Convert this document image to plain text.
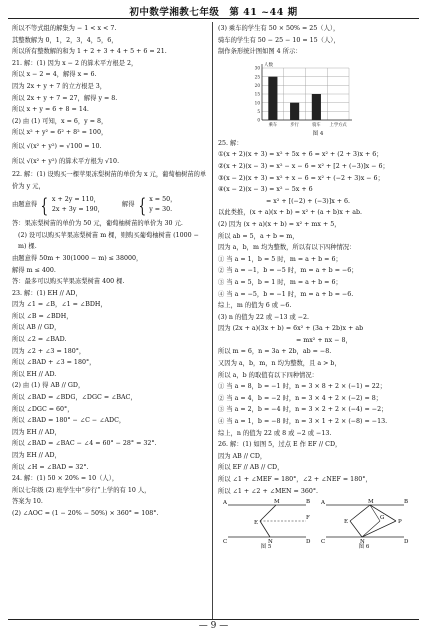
初中数学湘教七年级　第 41 ~44 期
所以不等式组的解集为 − 1 < x < 7.
其整数解为 0，1，2，3，4，5，6，
所以所有整数解的和为 1 + 2 + 3 + 4 + 5 + 6 = 21.
21. 解：(1) 因为 x − 2 的算术平方根是 2，
所以 x − 2 = 4，解得 x = 6.
因为 2x + y + 7 的立方根是 3，
所以 2x + y + 7 = 27，解得 y = 8.
所以 x + y = 6 + 8 = 14.
(2) 由 (1) 可知，x = 6，y = 8，
所以 x² + y² = 6² + 8² = 100，
所以 √(x² + y²) = √100 = 10.
所以 √(x² + y²) 的算术平方根为 √10.
22. 解：(1) 设购买一棵苹果冻梨树苗的单价为 x 元，葡萄柚树苗的单价为 y 元，
由题意得 { x + 2y = 110，
2x + 3y = 190，
解得 { x = 50，
y = 30.
答：果冻梨树苗的单价为 50 元，葡萄柚树苗的单价为 30 元.
(2) 设可以购买苹果冻梨树苗 m 棵，则购买葡萄柚树苗 (1000 − m) 棵.
由题意得 50m + 30(1000 − m) ≤ 38000，
解得 m ≤ 400.
答：最多可以购买苹果冻梨树苗 400 棵.
23. 解：(1) EH // AD，
因为 ∠1 = ∠B，∠1 = ∠BDH，
所以 ∠B = ∠BDH，
所以 AB // GD，
所以 ∠2 = ∠BAD.
因为 ∠2 + ∠3 = 180°，
所以 ∠BAD + ∠3 = 180°，
所以 EH // AD.
(2) 由 (1) 得 AB // GD，
所以 ∠BAD = ∠BDG，∠DGC = ∠BAC，
所以 ∠DGC = 60°，
所以 ∠BAD = 180° − ∠C − ∠ADC，
因为 EH // AD，
所以 ∠BAD = ∠BAC − ∠4 = 60° − 28° = 32°.
因为 EH // AD，
所以 ∠H = ∠BAD = 32°.
24. 解：(1) 50 × 20% = 10（人），
所以七年级 (2) 班学生中“步行”上学的有 10 人，
答案为 10.
(2) ∠AOC = (1 − 20% − 50%) × 360° = 108°.
(3) 乘车的学生有 50 × 50% = 25（人），
骑车的学生有 50 − 25 − 10 = 15（人），
制作条形统计图如图 4 所示：
0
5
10
15
20
25
30
人数
乘车	步行	骑车 上学方式
图 4
25. 解：
①(x + 2)(x + 3) = x² + 5x + 6 = x² + (2 + 3)x + 6；
②(x + 2)(x − 3) = x² − x − 6 = x² + [2 + (−3)]x − 6；
③(x − 2)(x + 3) = x² + x − 6 = x² + (−2 + 3)x − 6；
④(x − 2)(x − 3) = x² − 5x + 6
= x² + [(−2) + (−3)]x + 6.
以此类推，(x + a)(x + b) = x² + (a + b)x + ab.
(2) 因为 (x + a)(x + b) = x² + mx + 5，
所以 ab = 5，a + b = m，
因为 a，b，m 均为整数，所以有以下四种情况：
① 当 a = 1，b = 5 时，m = a + b = 6；
② 当 a = −1，b = −5 时，m = a + b = −6；
③ 当 a = 5，b = 1 时，m = a + b = 6；
④ 当 a = −5，b = −1 时，m = a + b = −6.
综上，m 的值为 6 或 −6.
(3) n 的值为 22 或 −13 或 −2.
因为 (2x + a)(3x + b) = 6x² + (3a + 2b)x + ab
= mx² + nx − 8，
所以 m = 6，n = 3a + 2b，ab = −8.
又因为 a，b，m，n 均为整数，且 a > b，
所以 a，b 的取值有以下四种情况：
① 当 a = 8，b = −1 时，n = 3 × 8 + 2 × (−1) = 22；
② 当 a = 4，b = −2 时，n = 3 × 4 + 2 × (−2) = 8；
③ 当 a = 2，b = −4 时，n = 3 × 2 + 2 × (−4) = −2；
④ 当 a = 1，b = −8 时，n = 3 × 1 + 2 × (−8) = −13.
综上，n 的值为 22 或 8 或 −2 或 −13.
26. 解：(1) 如图 5，过点 E 作 EF // CD，
因为 AB // CD，
所以 EF // AB // CD，
所以 ∠1 + ∠MEF = 180°，∠2 + ∠NEF = 180°，
所以 ∠1 + ∠2 + ∠MEN = 360°.
A	M	B
E
F
C	N	D
图 5
A	M	B
E	P
G
C	N	D
图 6
— 9 —
